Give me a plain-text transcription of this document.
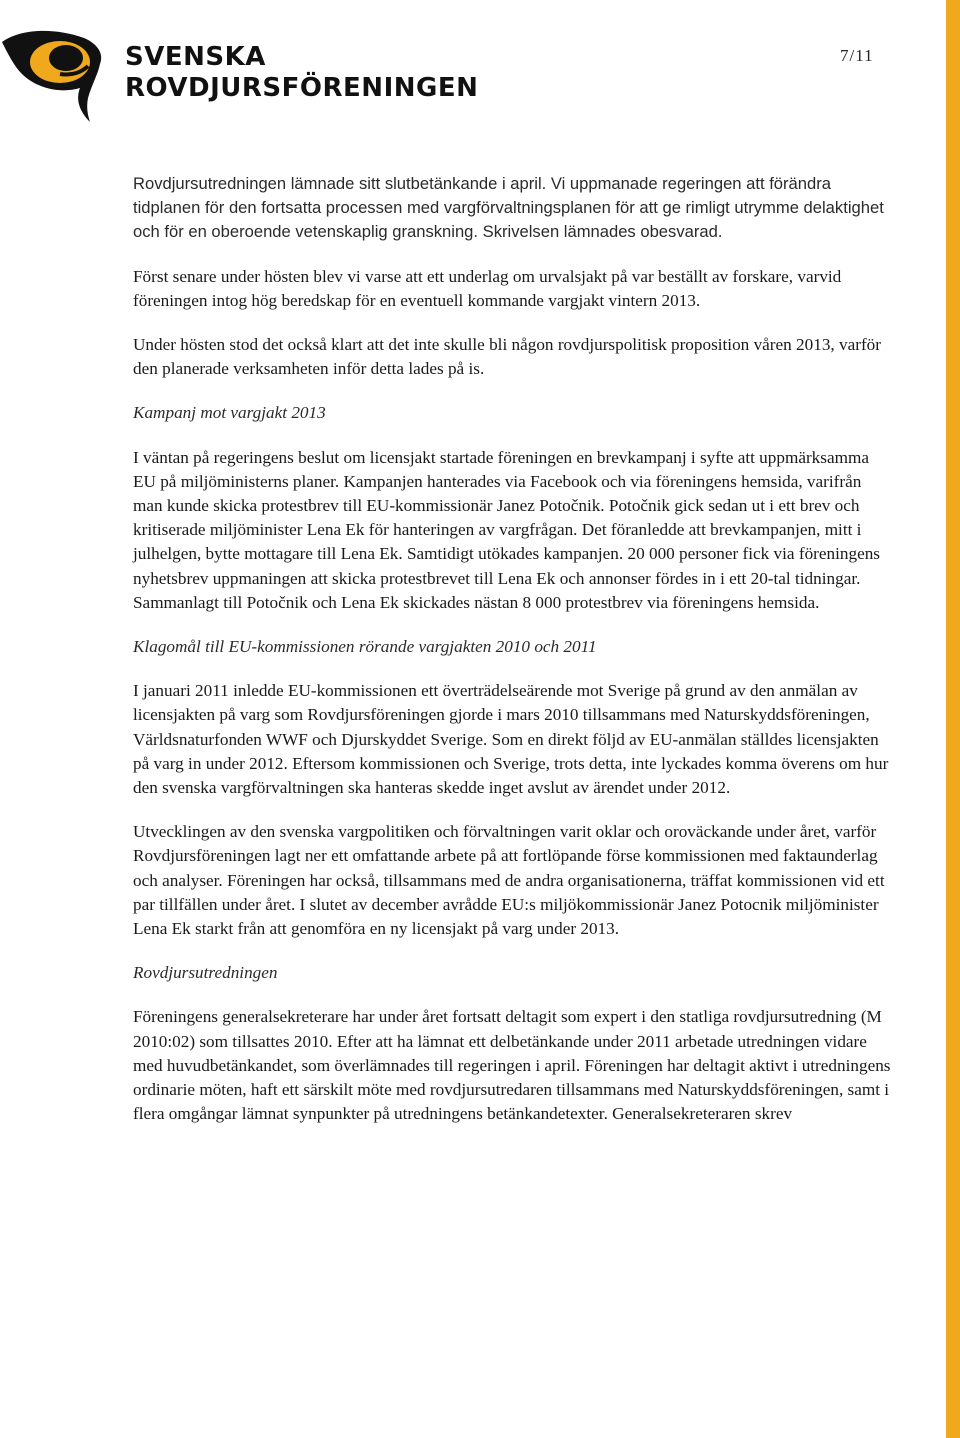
SVENSKA
ROVDJURSFÖRENINGEN
7/11

Rovdjursutredningen lämnade sitt slutbetänkande i april. Vi uppmanade regeringen att förändra tidplanen för den fortsatta processen med vargförvaltningsplanen för att ge rimligt utrymme delaktighet och för en oberoende vetenskaplig granskning. Skrivelsen lämnades obesvarad.

Först senare under hösten blev vi varse att ett underlag om urvalsjakt på var beställt av forskare, varvid föreningen intog hög beredskap för en eventuell kommande vargjakt vintern 2013.

Under hösten stod det också klart att det inte skulle bli någon rovdjurspolitisk proposition våren 2013, varför den planerade verksamheten inför detta lades på is.

Kampanj mot vargjakt 2013

I väntan på regeringens beslut om licensjakt startade föreningen en brevkampanj i syfte att uppmärksamma EU på miljöministerns planer. Kampanjen hanterades via Facebook och via föreningens hemsida, varifrån man kunde skicka protestbrev till EU-kommissionär Janez Potočnik. Potočnik gick sedan ut i ett brev och kritiserade miljöminister Lena Ek för hanteringen av vargfrågan. Det föranledde att brevkampanjen, mitt i julhelgen, bytte mottagare till Lena Ek. Samtidigt utökades kampanjen. 20 000 personer fick via föreningens nyhetsbrev uppmaningen att skicka protestbrevet till Lena Ek och annonser fördes in i ett 20-tal tidningar. Sammanlagt till Potočnik och Lena Ek skickades nästan 8 000 protestbrev via föreningens hemsida.

Klagomål till EU-kommissionen rörande vargjakten 2010 och 2011

I januari 2011 inledde EU-kommissionen ett överträdelseärende mot Sverige på grund av den anmälan av licensjakten på varg som Rovdjursföreningen gjorde i mars 2010 tillsammans med Naturskyddsföreningen, Världsnaturfonden WWF och Djurskyddet Sverige. Som en direkt följd av EU-anmälan ställdes licensjakten på varg in under 2012. Eftersom kommissionen och Sverige, trots detta, inte lyckades komma överens om hur den svenska vargförvaltningen ska hanteras skedde inget avslut av ärendet under 2012.

Utvecklingen av den svenska vargpolitiken och förvaltningen varit oklar och oroväckande under året, varför Rovdjursföreningen lagt ner ett omfattande arbete på att fortlöpande förse kommissionen med faktaunderlag och analyser. Föreningen har också, tillsammans med de andra organisationerna, träffat kommissionen vid ett par tillfällen under året. I slutet av december avrådde EU:s miljökommissionär Janez Potocnik miljöminister Lena Ek starkt från att genomföra en ny licensjakt på varg under 2013.

Rovdjursutredningen

Föreningens generalsekreterare har under året fortsatt deltagit som expert i den statliga rovdjursutredning (M 2010:02) som tillsattes 2010. Efter att ha lämnat ett delbetänkande under 2011 arbetade utredningen vidare med huvudbetänkandet, som överlämnades till regeringen i april. Föreningen har deltagit aktivt i utredningens ordinarie möten, haft ett särskilt möte med rovdjursutredaren tillsammans med Naturskyddsföreningen, samt i flera omgångar lämnat synpunkter på utredningens betänkandetexter. Generalsekreteraren skrev
